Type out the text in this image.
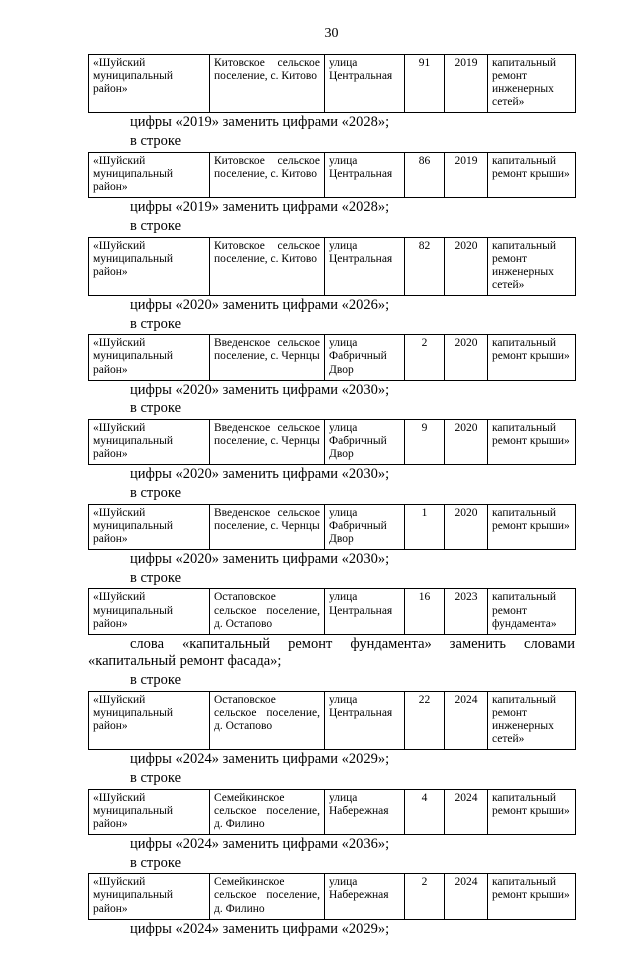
30
«Шуйский муниципальный район»	Китовское сельское поселение, с. Китово	улица Центральная	91	2019	капитальный ремонт инженерных сетей»
цифры «2019» заменить цифрами «2028»;
в строке
«Шуйский муниципальный район»	Китовское сельское поселение, с. Китово	улица Центральная	86	2019	капитальный ремонт крыши»
цифры «2019» заменить цифрами «2028»;
в строке
«Шуйский муниципальный район»	Китовское сельское поселение, с. Китово	улица Центральная	82	2020	капитальный ремонт инженерных сетей»
цифры «2020» заменить цифрами «2026»;
в строке
«Шуйский муниципальный район»	Введенское сельское поселение, с. Чернцы	улица Фабричный Двор	2	2020	капитальный ремонт крыши»
цифры «2020» заменить цифрами «2030»;
в строке
«Шуйский муниципальный район»	Введенское сельское поселение, с. Чернцы	улица Фабричный Двор	9	2020	капитальный ремонт крыши»
цифры «2020» заменить цифрами «2030»;
в строке
«Шуйский муниципальный район»	Введенское сельское поселение, с. Чернцы	улица Фабричный Двор	1	2020	капитальный ремонт крыши»
цифры «2020» заменить цифрами «2030»;
в строке
«Шуйский муниципальный район»	Остаповское сельское поселение, д. Остапово	улица Центральная	16	2023	капитальный ремонт фундамента»
слова «капитальный ремонт фундамента» заменить словами «капитальный ремонт фасада»;
в строке
«Шуйский муниципальный район»	Остаповское сельское поселение, д. Остапово	улица Центральная	22	2024	капитальный ремонт инженерных сетей»
цифры «2024» заменить цифрами «2029»;
в строке
«Шуйский муниципальный район»	Семейкинское сельское поселение, д. Филино	улица Набережная	4	2024	капитальный ремонт крыши»
цифры «2024» заменить цифрами «2036»;
в строке
«Шуйский муниципальный район»	Семейкинское сельское поселение, д. Филино	улица Набережная	2	2024	капитальный ремонт крыши»
цифры «2024» заменить цифрами «2029»;
